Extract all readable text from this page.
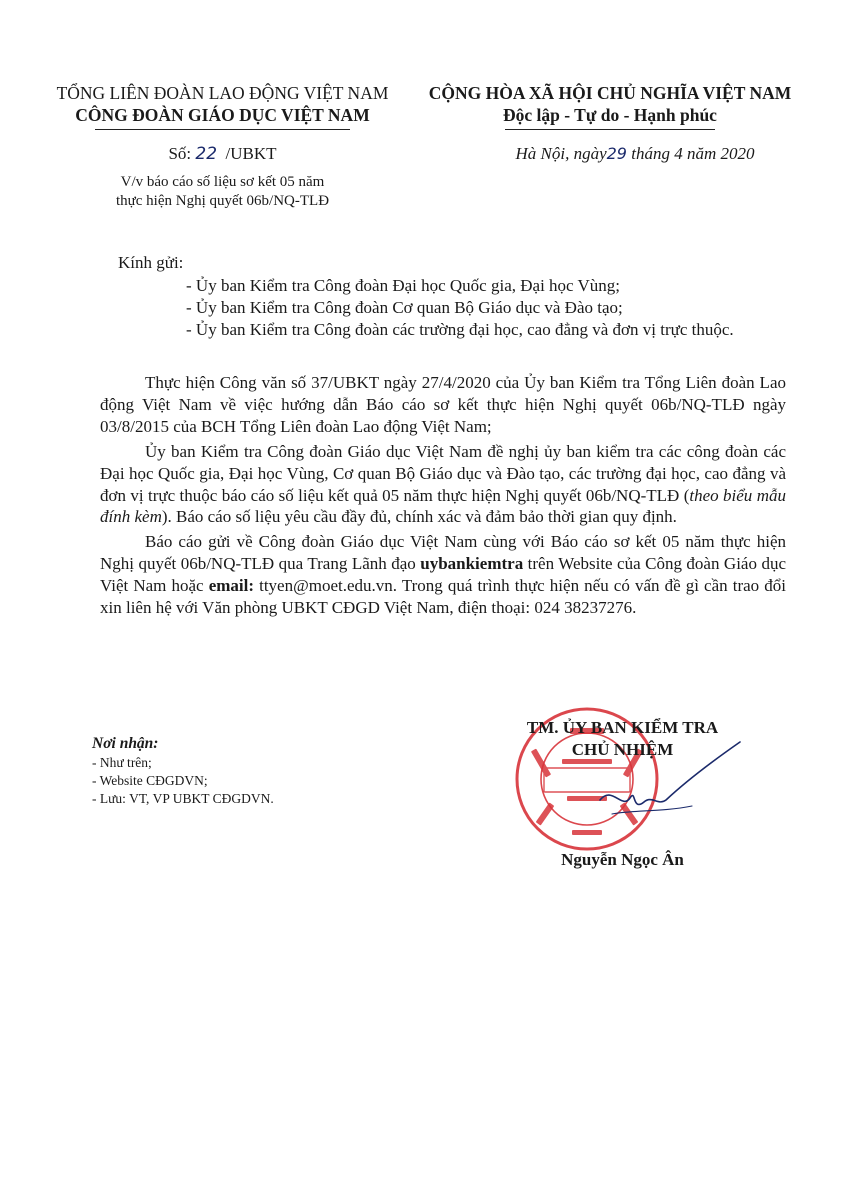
TỔNG LIÊN ĐOÀN LAO ĐỘNG VIỆT NAM
CÔNG ĐOÀN GIÁO DỤC VIỆT NAM
CỘNG HÒA XÃ HỘI CHỦ NGHĨA VIỆT NAM
Độc lập - Tự do - Hạnh phúc
Số: 22 /UBKT	Hà Nội, ngày29 tháng 4 năm 2020
V/v báo cáo số liệu sơ kết 05 năm
thực hiện Nghị quyết 06b/NQ-TLĐ
Kính gửi:
- Ủy ban Kiểm tra Công đoàn Đại học Quốc gia, Đại học Vùng;
- Ủy ban Kiểm tra Công đoàn Cơ quan Bộ Giáo dục và Đào tạo;
- Ủy ban Kiểm tra Công đoàn các trường đại học, cao đẳng và đơn vị trực thuộc.

Thực hiện Công văn số 37/UBKT ngày 27/4/2020 của Ủy ban Kiểm tra Tổng Liên đoàn Lao động Việt Nam về việc hướng dẫn Báo cáo sơ kết thực hiện Nghị quyết 06b/NQ-TLĐ ngày 03/8/2015 của BCH Tổng Liên đoàn Lao động Việt Nam;

Ủy ban Kiểm tra Công đoàn Giáo dục Việt Nam đề nghị ủy ban kiểm tra các công đoàn các Đại học Quốc gia, Đại học Vùng, Cơ quan Bộ Giáo dục và Đào tạo, các trường đại học, cao đẳng và đơn vị trực thuộc báo cáo số liệu kết quả 05 năm thực hiện Nghị quyết 06b/NQ-TLĐ (theo biểu mẫu đính kèm). Báo cáo số liệu yêu cầu đầy đủ, chính xác và đảm bảo thời gian quy định.

Báo cáo gửi về Công đoàn Giáo dục Việt Nam cùng với Báo cáo sơ kết 05 năm thực hiện Nghị quyết 06b/NQ-TLĐ qua Trang Lãnh đạo uybankiemtra trên Website của Công đoàn Giáo dục Việt Nam hoặc email: ttyen@moet.edu.vn. Trong quá trình thực hiện nếu có vấn đề gì cần trao đổi xin liên hệ với Văn phòng UBKT CĐGD Việt Nam, điện thoại: 024 38237276.

Nơi nhận:
- Như trên;
- Website CĐGDVN;
- Lưu: VT, VP UBKT CĐGDVN.
TM. ỦY BAN KIỂM TRA
CHỦ NHIỆM
Nguyễn Ngọc Ân
